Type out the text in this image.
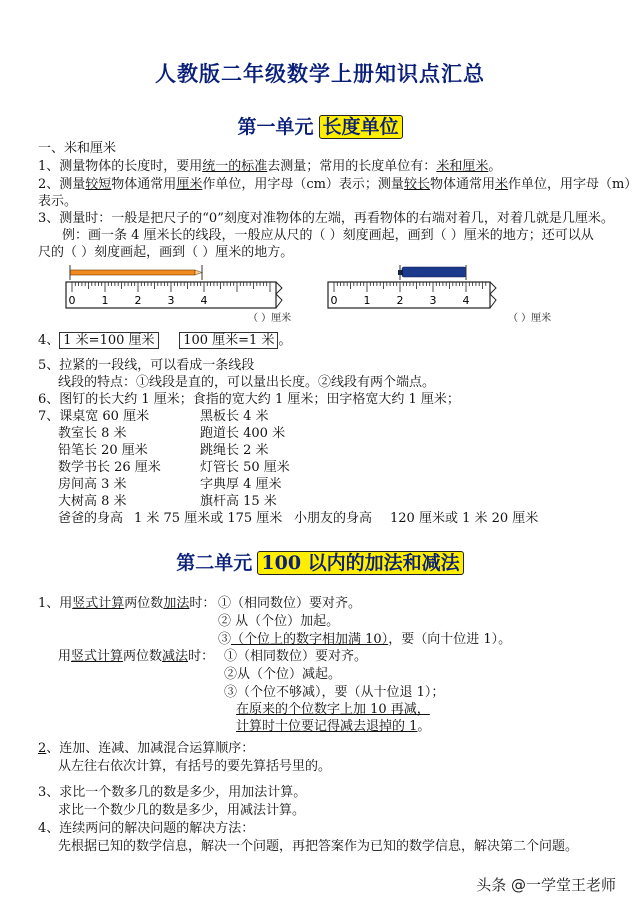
人教版二年级数学上册知识点汇总
第一单元 长度单位
一、米和厘米
1、测量物体的长度时，要用统一的标准去测量；常用的长度单位有：米和厘米。
2、测量较短物体通常用厘米作单位，用字母（cm）表示；测量较长物体通常用米作单位，用字母（m）
表示。
3、测量时：一般是把尺子的“0”刻度对准物体的左端，再看物体的右端对着几，对着几就是几厘米。
例：画一条 4 厘米长的线段，一般应从尺的（ ）刻度画起，画到（ ）厘米的地方；还可以从
尺的（ ）刻度画起，画到（ ）厘米的地方。
0 1 2 3 4
（ ）厘米
0 1 2 3 4
（ ）厘米
4、 1 米=100 厘米 100 厘米=1 米 。
5、拉紧的一段线，可以看成一条线段
线段的特点：①线段是直的，可以量出长度。②线段有两个端点。
6、图钉的长大约 1 厘米；食指的宽大约 1 厘米；田字格宽大约 1 厘米；
7、课桌宽 60 厘米	黑板长 4 米
教室长 8 米	跑道长 400 米
铅笔长 20 厘米	跳绳长 2 米
数学书长 26 厘米	灯管长 50 厘米
房间高 3 米	字典厚 4 厘米
大树高 8 米	旗杆高 15 米
爸爸的身高 1 米 75 厘米或 175 厘米 小朋友的身高 120 厘米或 1 米 20 厘米
第二单元 100 以内的加法和减法
1、用竖式计算两位数加法时： ①（相同数位）要对齐。
② 从（个位）加起。
③（个位上的数字相加满 10），要（向十位进 1）。
用竖式计算两位数减法时： ①（相同数位）要对齐。
②从（个位）减起。
③（个位不够减），要（从十位退 1）；
在原来的个位数字上加 10 再减，
计算时十位要记得减去退掉的 1。
2、连加、连减、加减混合运算顺序：
从左往右依次计算，有括号的要先算括号里的。
3、求比一个数多几的数是多少，用加法计算。
求比一个数少几的数是多少，用减法计算。
4、连续两问的解决问题的解决方法：
先根据已知的数学信息，解决一个问题，再把答案作为已知的数学信息，解决第二个问题。
头条 @一学堂王老师
